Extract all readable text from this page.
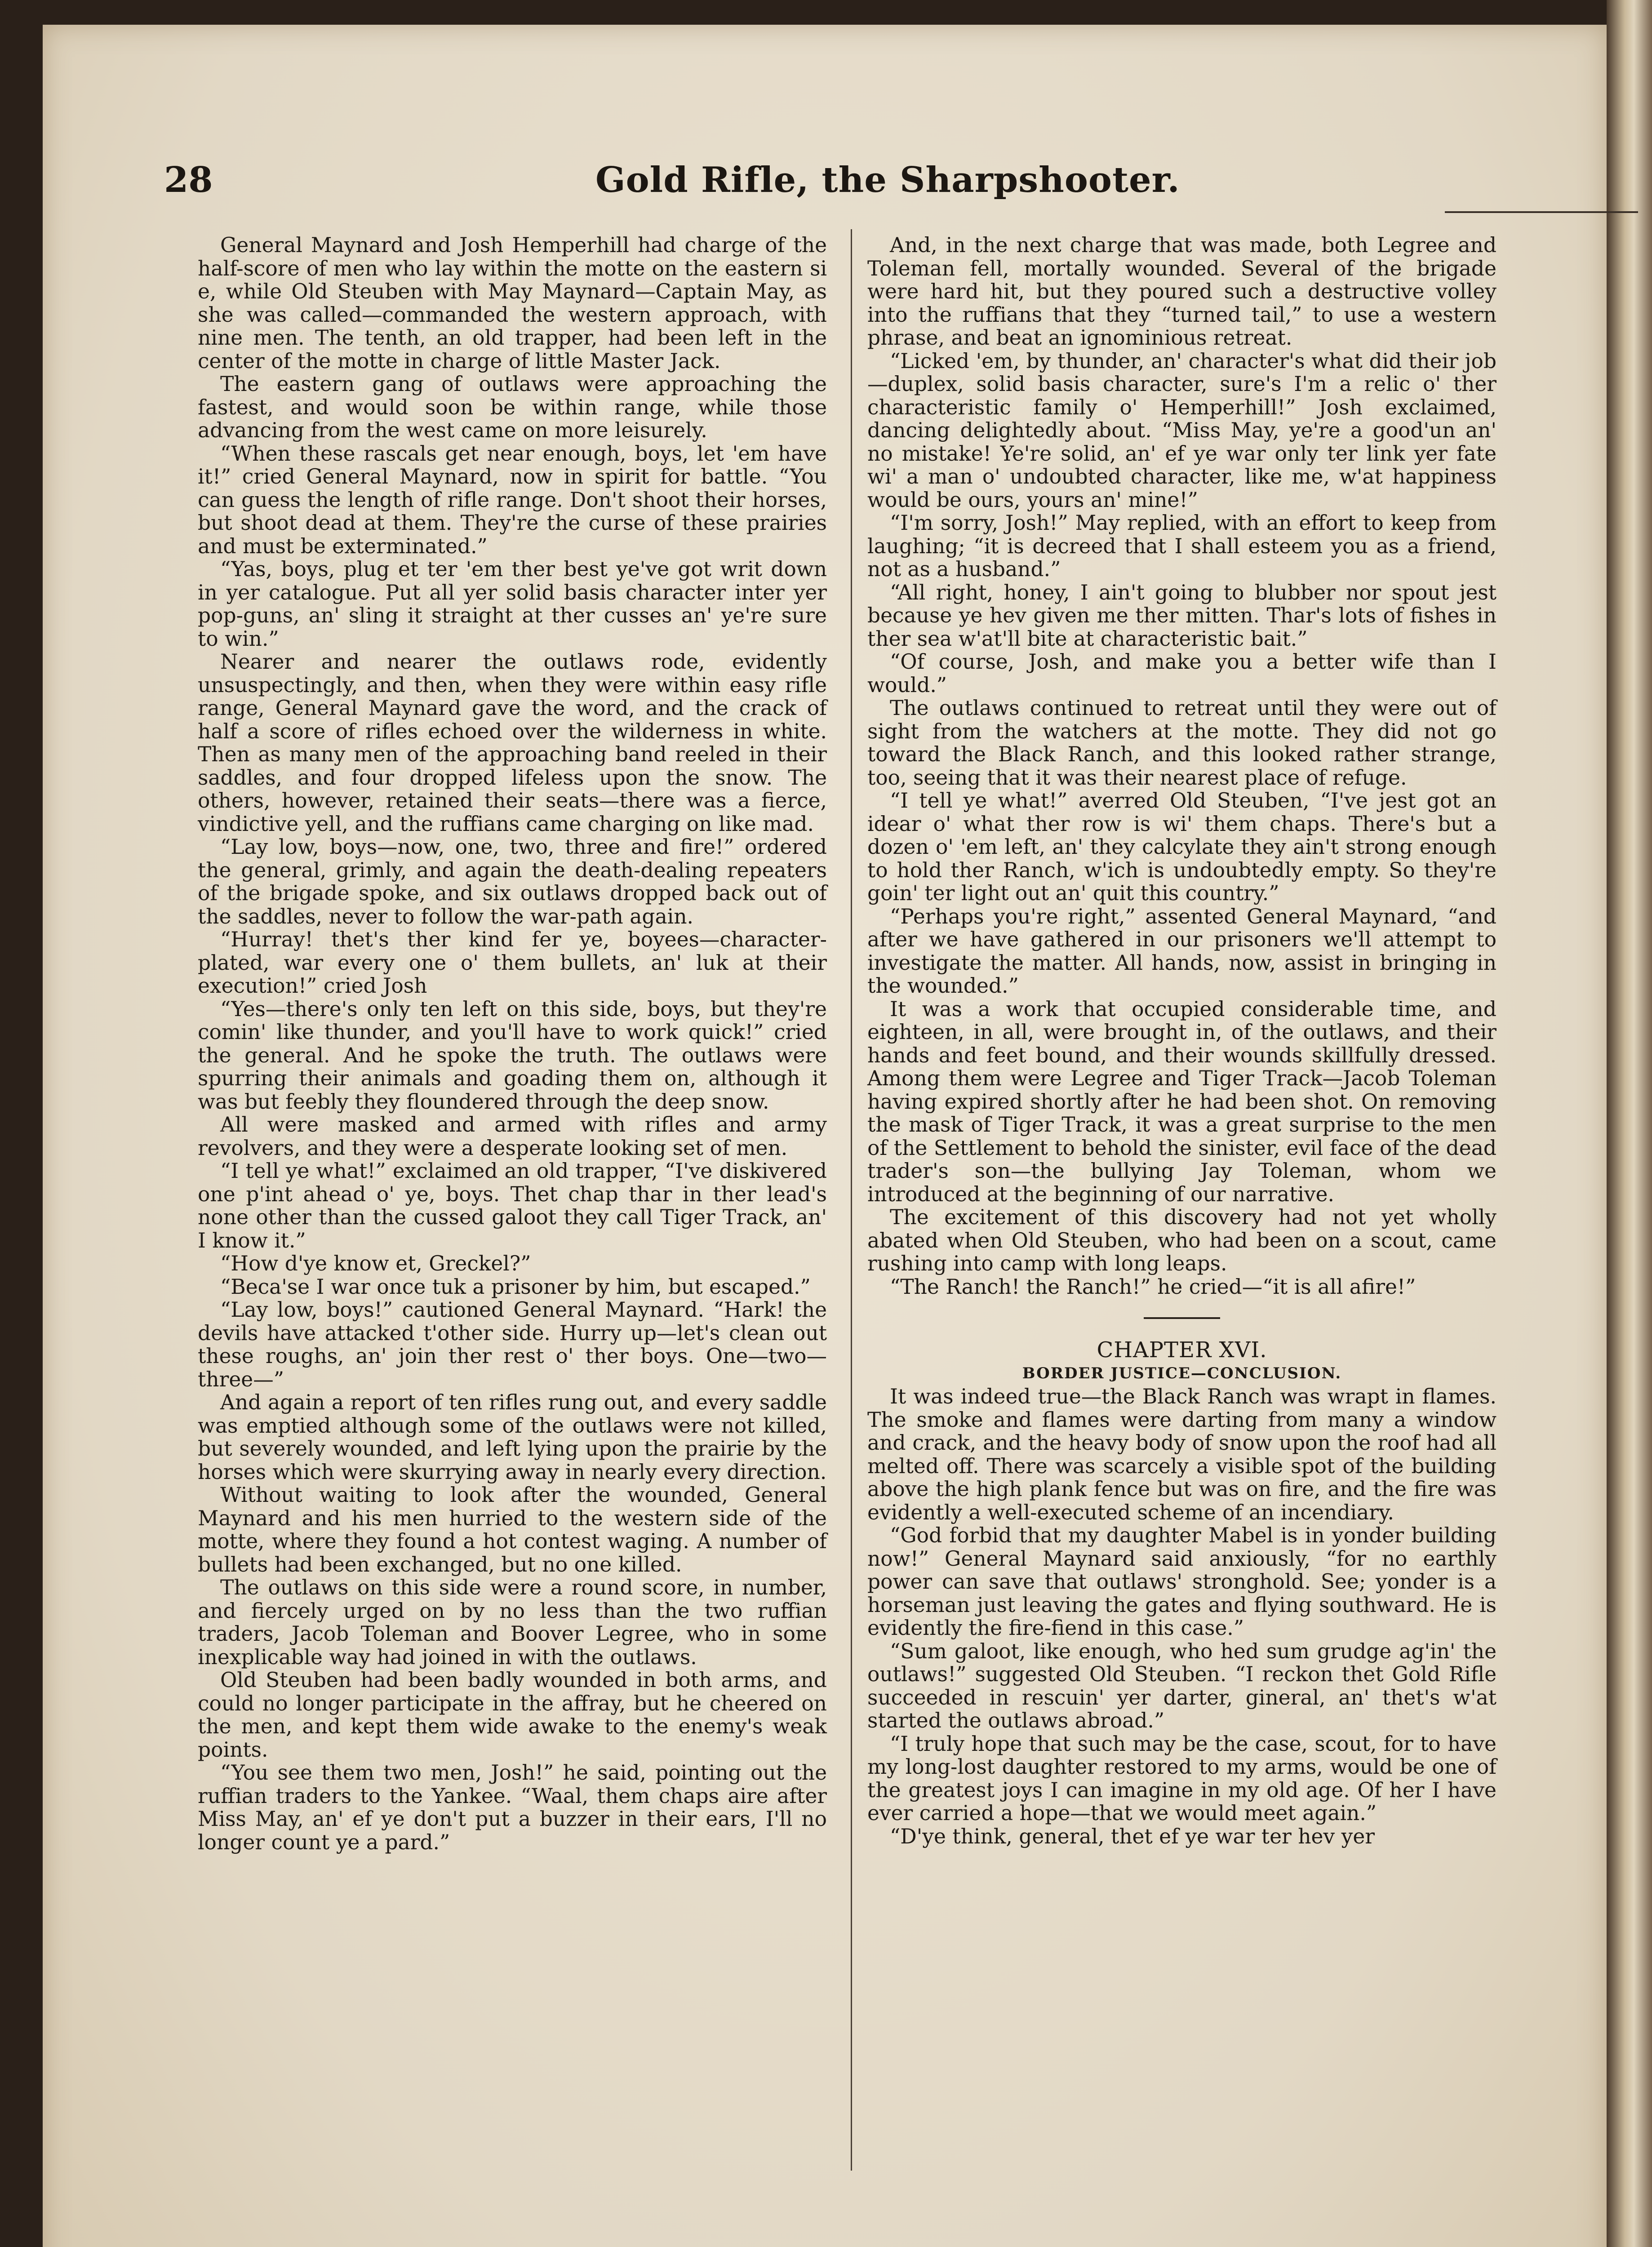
28	Gold Rifle, the Sharpshooter.

General Maynard and Josh Hemperhill had charge of the half-score of men who lay within the motte on the eastern si e, while Old Steuben with May Maynard—Captain May, as she was called—commanded the western approach, with nine men. The tenth, an old trapper, had been left in the center of the motte in charge of little Master Jack.

The eastern gang of outlaws were approaching the fastest, and would soon be within range, while those advancing from the west came on more leisurely.

“When these rascals get near enough, boys, let 'em have it!” cried General Maynard, now in spirit for battle. “You can guess the length of rifle range. Don't shoot their horses, but shoot dead at them. They're the curse of these prairies and must be exterminated.”

“Yas, boys, plug et ter 'em ther best ye've got writ down in yer catalogue. Put all yer solid basis character inter yer pop-guns, an' sling it straight at ther cusses an' ye're sure to win.”

Nearer and nearer the outlaws rode, evidently unsuspectingly, and then, when they were within easy rifle range, General Maynard gave the word, and the crack of half a score of rifles echoed over the wilderness in white. Then as many men of the approaching band reeled in their saddles, and four dropped lifeless upon the snow. The others, however, retained their seats—there was a fierce, vindictive yell, and the ruffians came charging on like mad.

“Lay low, boys—now, one, two, three and fire!” ordered the general, grimly, and again the death-dealing repeaters of the brigade spoke, and six outlaws dropped back out of the saddles, never to follow the war-path again.

“Hurray! thet's ther kind fer ye, boyees—character-plated, war every one o' them bullets, an' luk at their execution!” cried Josh

“Yes—there's only ten left on this side, boys, but they're comin' like thunder, and you'll have to work quick!” cried the general. And he spoke the truth. The outlaws were spurring their animals and goading them on, although it was but feebly they floundered through the deep snow.

All were masked and armed with rifles and army revolvers, and they were a desperate looking set of men.

“I tell ye what!” exclaimed an old trapper, “I've diskivered one p'int ahead o' ye, boys. Thet chap thar in ther lead's none other than the cussed galoot they call Tiger Track, an' I know it.”

“How d'ye know et, Greckel?”

“Beca'se I war once tuk a prisoner by him, but escaped.”

“Lay low, boys!” cautioned General Maynard. “Hark! the devils have attacked t'other side. Hurry up—let's clean out these roughs, an' join ther rest o' ther boys. One—two—three—”

And again a report of ten rifles rung out, and every saddle was emptied although some of the outlaws were not killed, but severely wounded, and left lying upon the prairie by the horses which were skurrying away in nearly every direction.

Without waiting to look after the wounded, General Maynard and his men hurried to the western side of the motte, where they found a hot contest waging. A number of bullets had been exchanged, but no one killed.

The outlaws on this side were a round score, in number, and fiercely urged on by no less than the two ruffian traders, Jacob Toleman and Boover Legree, who in some inexplicable way had joined in with the outlaws.

Old Steuben had been badly wounded in both arms, and could no longer participate in the affray, but he cheered on the men, and kept them wide awake to the enemy's weak points.

“You see them two men, Josh!” he said, pointing out the ruffian traders to the Yankee. “Waal, them chaps aire after Miss May, an' ef ye don't put a buzzer in their ears, I'll no longer count ye a pard.”

And, in the next charge that was made, both Legree and Toleman fell, mortally wounded. Several of the brigade were hard hit, but they poured such a destructive volley into the ruffians that they “turned tail,” to use a western phrase, and beat an ignominious retreat.

“Licked 'em, by thunder, an' character's what did their job—duplex, solid basis character, sure's I'm a relic o' ther characteristic family o' Hemperhill!” Josh exclaimed, dancing delightedly about. “Miss May, ye're a good'un an' no mistake! Ye're solid, an' ef ye war only ter link yer fate wi' a man o' undoubted character, like me, w'at happiness would be ours, yours an' mine!”

“I'm sorry, Josh!” May replied, with an effort to keep from laughing; “it is decreed that I shall esteem you as a friend, not as a husband.”

“All right, honey, I ain't going to blubber nor spout jest because ye hev given me ther mitten. Thar's lots of fishes in ther sea w'at'll bite at characteristic bait.”

“Of course, Josh, and make you a better wife than I would.”

The outlaws continued to retreat until they were out of sight from the watchers at the motte. They did not go toward the Black Ranch, and this looked rather strange, too, seeing that it was their nearest place of refuge.

“I tell ye what!” averred Old Steuben, “I've jest got an idear o' what ther row is wi' them chaps. There's but a dozen o' 'em left, an' they calcylate they ain't strong enough to hold ther Ranch, w'ich is undoubtedly empty. So they're goin' ter light out an' quit this country.”

“Perhaps you're right,” assented General Maynard, “and after we have gathered in our prisoners we'll attempt to investigate the matter. All hands, now, assist in bringing in the wounded.”

It was a work that occupied considerable time, and eighteen, in all, were brought in, of the outlaws, and their hands and feet bound, and their wounds skillfully dressed. Among them were Legree and Tiger Track—Jacob Toleman having expired shortly after he had been shot. On removing the mask of Tiger Track, it was a great surprise to the men of the Settlement to behold the sinister, evil face of the dead trader's son—the bullying Jay Toleman, whom we introduced at the beginning of our narrative.

The excitement of this discovery had not yet wholly abated when Old Steuben, who had been on a scout, came rushing into camp with long leaps.

“The Ranch! the Ranch!” he cried—“it is all afire!”

CHAPTER XVI.

BORDER JUSTICE—CONCLUSION.

It was indeed true—the Black Ranch was wrapt in flames. The smoke and flames were darting from many a window and crack, and the heavy body of snow upon the roof had all melted off. There was scarcely a visible spot of the building above the high plank fence but was on fire, and the fire was evidently a well-executed scheme of an incendiary.

“God forbid that my daughter Mabel is in yonder building now!” General Maynard said anxiously, “for no earthly power can save that outlaws' stronghold. See; yonder is a horseman just leaving the gates and flying southward. He is evidently the fire-fiend in this case.”

“Sum galoot, like enough, who hed sum grudge ag'in' the outlaws!” suggested Old Steuben. “I reckon thet Gold Rifle succeeded in rescuin' yer darter, gineral, an' thet's w'at started the outlaws abroad.”

“I truly hope that such may be the case, scout, for to have my long-lost daughter restored to my arms, would be one of the greatest joys I can imagine in my old age. Of her I have ever carried a hope—that we would meet again.”

“D'ye think, general, thet ef ye war ter hev yer
